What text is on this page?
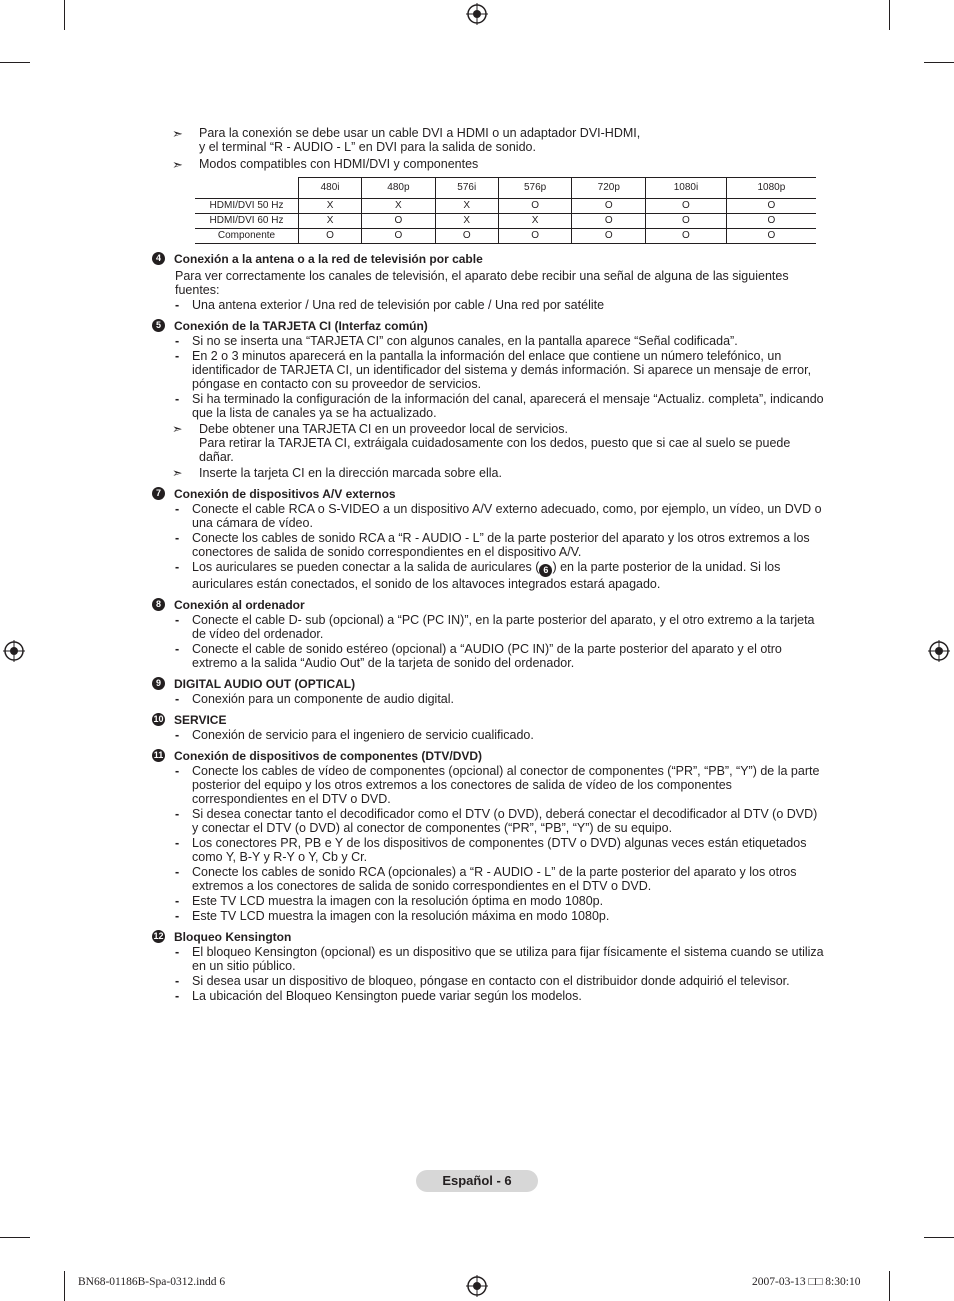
➣ Para la conexión se debe usar un cable DVI a HDMI o un adaptador DVI-HDMI,
y el terminal “R - AUDIO - L” en DVI para la salida de sonido.
➣ Modos compatibles con HDMI/DVI y componentes
	480i	480p	576i	576p	720p	1080i	1080p
HDMI/DVI 50 Hz	X	X	X	O	O	O	O
HDMI/DVI 60 Hz	X	O	X	X	O	O	O
Componente	O	O	O	O	O	O	O
4	Conexión a la antena o a la red de televisión por cable
Para ver correctamente los canales de televisión, el aparato debe recibir una señal de alguna de las siguientes fuentes:
- Una antena exterior / Una red de televisión por cable / Una red por satélite
5	Conexión de la TARJETA CI (Interfaz común)
- Si no se inserta una “TARJETA CI” con algunos canales, en la pantalla aparece “Señal codificada”.
- En 2 o 3 minutos aparecerá en la pantalla la información del enlace que contiene un número telefónico, un identificador de TARJETA CI, un identificador del sistema y demás información. Si aparece un mensaje de error, póngase en contacto con su proveedor de servicios.
- Si ha terminado la configuración de la información del canal, aparecerá el mensaje “Actualiz. completa”, indicando que la lista de canales ya se ha actualizado.
➣ Debe obtener una TARJETA CI en un proveedor local de servicios.
Para retirar la TARJETA CI, extráigala cuidadosamente con los dedos, puesto que si cae al suelo se puede dañar.
➣ Inserte la tarjeta CI en la dirección marcada sobre ella.
7	Conexión de dispositivos A/V externos
- Conecte el cable RCA o S-VIDEO a un dispositivo A/V externo adecuado, como, por ejemplo, un vídeo, un DVD o una cámara de vídeo.
- Conecte los cables de sonido RCA a “R - AUDIO - L” de la parte posterior del aparato y los otros extremos a los conectores de salida de sonido correspondientes en el dispositivo A/V.
- Los auriculares se pueden conectar a la salida de auriculares ( 6 ) en la parte posterior de la unidad. Si los auriculares están conectados, el sonido de los altavoces integrados estará apagado.
8	Conexión al ordenador
- Conecte el cable D- sub (opcional) a “PC (PC IN)”, en la parte posterior del aparato, y el otro extremo a la tarjeta de vídeo del ordenador.
- Conecte el cable de sonido estéreo (opcional) a “AUDIO (PC IN)” de la parte posterior del aparato y el otro extremo a la salida “Audio Out” de la tarjeta de sonido del ordenador.
9	DIGITAL AUDIO OUT (OPTICAL)
- Conexión para un componente de audio digital.
10 SERVICE
- Conexión de servicio para el ingeniero de servicio cualificado.
11 Conexión de dispositivos de componentes (DTV/DVD)
- Conecte los cables de vídeo de componentes (opcional) al conector de componentes (“PR”, “PB”, “Y”) de la parte posterior del equipo y los otros extremos a los conectores de salida de vídeo de los componentes correspondientes en el DTV o DVD.
- Si desea conectar tanto el decodificador como el DTV (o DVD), deberá conectar el decodificador al DTV (o DVD) y conectar el DTV (o DVD) al conector de componentes (“PR”, “PB”, “Y”) de su equipo.
- Los conectores PR, PB e Y de los dispositivos de componentes (DTV o DVD) algunas veces están etiquetados como Y, B-Y y R-Y o Y, Cb y Cr.
- Conecte los cables de sonido RCA (opcionales) a “R - AUDIO - L” de la parte posterior del aparato y los otros extremos a los conectores de salida de sonido correspondientes en el DTV o DVD.
- Este TV LCD muestra la imagen con la resolución óptima en modo 1080p.
- Este TV LCD muestra la imagen con la resolución máxima en modo 1080p.
12 Bloqueo Kensington
- El bloqueo Kensington (opcional) es un dispositivo que se utiliza para fijar físicamente el sistema cuando se utiliza en un sitio público.
- Si desea usar un dispositivo de bloqueo, póngase en contacto con el distribuidor donde adquirió el televisor.
- La ubicación del Bloqueo Kensington puede variar según los modelos.
Español - 6
BN68-01186B-Spa-0312.indd 6	2007-03-13 □□ 8:30:10
